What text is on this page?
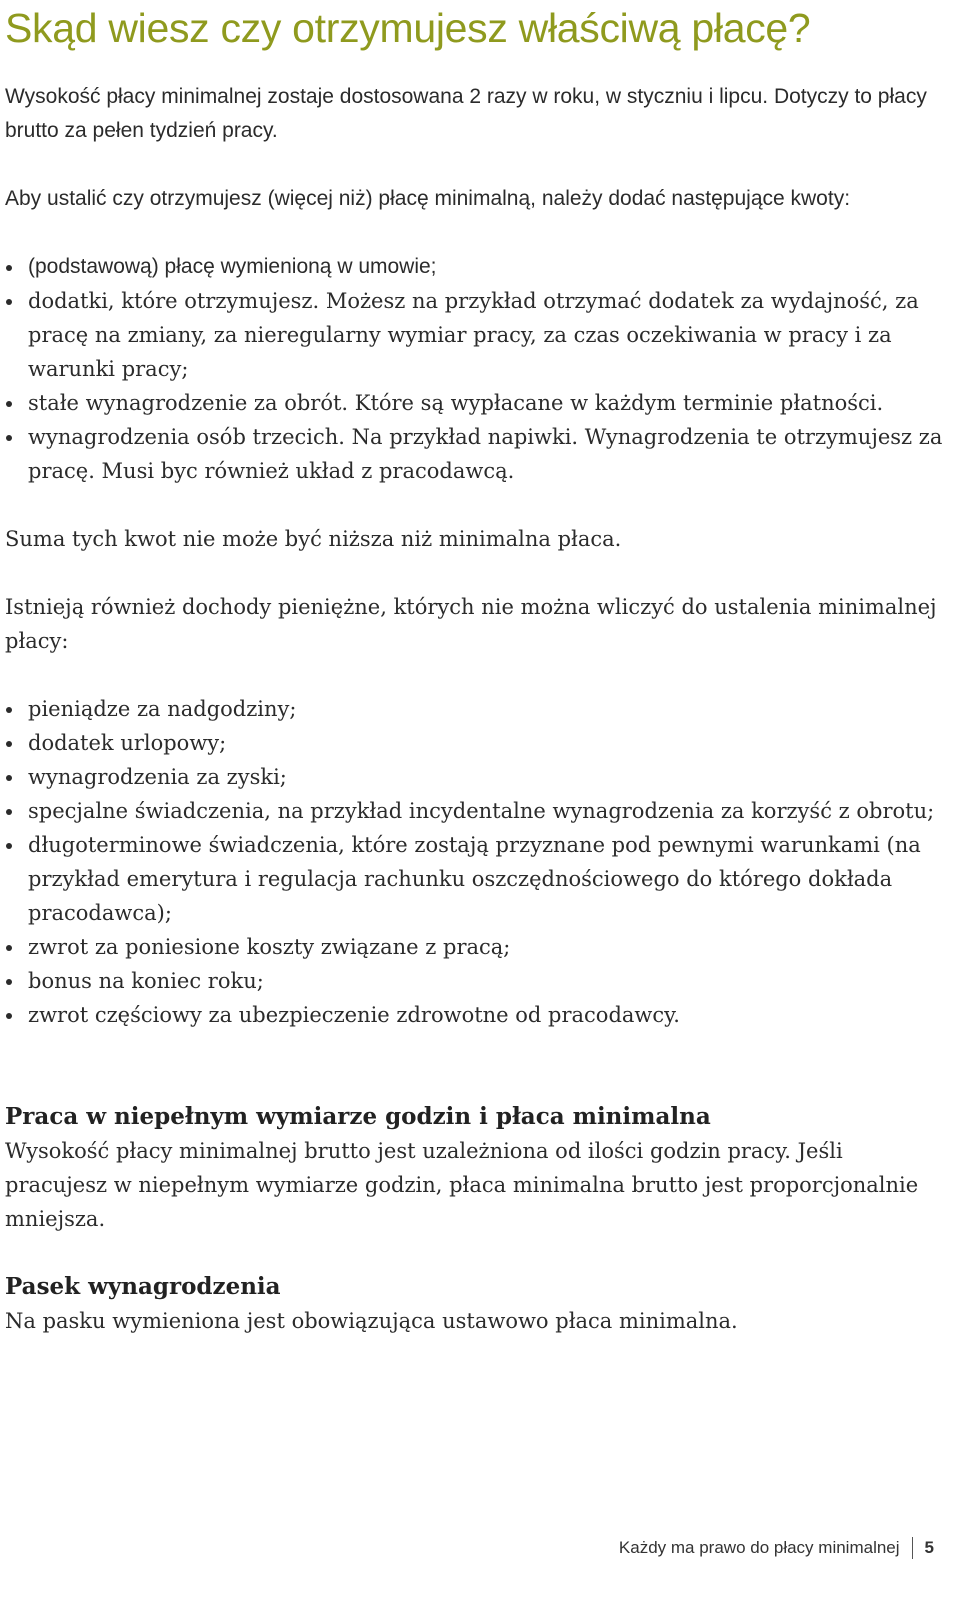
Skąd wiesz czy otrzymujesz właściwą płacę?

Wysokość płacy minimalnej zostaje dostosowana 2 razy w roku, w styczniu i lipcu. Dotyczy to płacy brutto za pełen tydzień pracy.

Aby ustalić czy otrzymujesz (więcej niż) płacę minimalną, należy dodać następujące kwoty:

(podstawową) płacę wymienioną w umowie;
dodatki, które otrzymujesz. Możesz na przykład otrzymać dodatek za wydajność, za pracę na zmiany, za nieregularny wymiar pracy, za czas oczekiwania w pracy i za warunki pracy;
stałe wynagrodzenie za obrót. Które są wypłacane w każdym terminie płatności.
wynagrodzenia osób trzecich. Na przykład napiwki. Wynagrodzenia te otrzymujesz za pracę. Musi byc również układ z pracodawcą.

Suma tych kwot nie może być niższa niż minimalna płaca.

Istnieją również dochody pieniężne, których nie można wliczyć do ustalenia minimalnej płacy:

pieniądze za nadgodziny;
dodatek urlopowy;
wynagrodzenia za zyski;
specjalne świadczenia, na przykład incydentalne wynagrodzenia za korzyść z obrotu;
długoterminowe świadczenia, które zostają przyznane pod pewnymi warunkami (na przykład emerytura i regulacja rachunku oszczędnościowego do którego dokłada pracodawca);
zwrot za poniesione koszty związane z pracą;
bonus na koniec roku;
zwrot częściowy za ubezpieczenie zdrowotne od pracodawcy.
Praca w niepełnym wymiarze godzin i płaca minimalna

Wysokość płacy minimalnej brutto jest uzależniona od ilości godzin pracy. Jeśli pracujesz w niepełnym wymiarze godzin, płaca minimalna brutto jest proporcjonalnie mniejsza.

Pasek wynagrodzenia

Na pasku wymieniona jest obowiązująca ustawowo płaca minimalna.

Każdy ma prawo do płacy minimalnej 5
